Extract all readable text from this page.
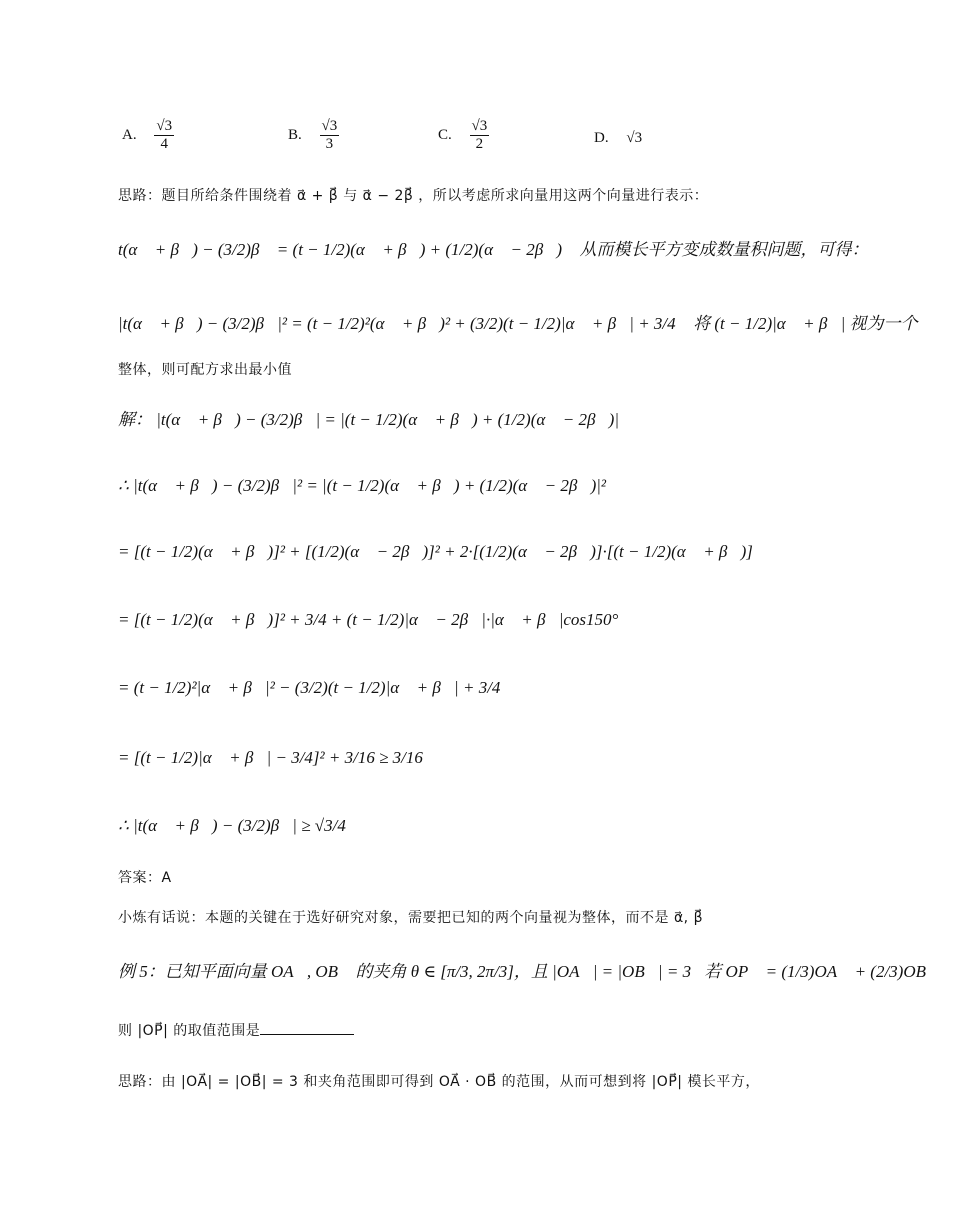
A. $\frac{√3}{4}$	B. $\frac{√3}{3}$	C. $\frac{√3}{2}$	D. √3
思路：题目所给条件围绕着 α⃗ + β⃗ 与 α⃗ − 2β⃗ ，所以考虑所求向量用这两个向量进行表示：
t(α⃗ + β⃗) − (3/2)β⃗ = (t − 1/2)(α⃗ + β⃗) + (1/2)(α⃗ − 2β⃗) ，从而模长平方变成数量积问题，可得：
|t(α⃗ + β⃗) − (3/2)β⃗|² = (t − 1/2)²(α⃗ + β⃗)² + (3/2)(t − 1/2)|α⃗ + β⃗| + 3/4 ，将 (t − 1/2)|α⃗ + β⃗| 视为一个
整体，则可配方求出最小值
解： |t(α⃗ + β⃗) − (3/2)β⃗| = |(t − 1/2)(α⃗ + β⃗) + (1/2)(α⃗ − 2β⃗)|
∴ |t(α⃗ + β⃗) − (3/2)β⃗|² = |(t − 1/2)(α⃗ + β⃗) + (1/2)(α⃗ − 2β⃗)|²
= [(t − 1/2)(α⃗ + β⃗)]² + [(1/2)(α⃗ − 2β⃗)]² + 2·[(1/2)(α⃗ − 2β⃗)]·[(t − 1/2)(α⃗ + β⃗)]
= [(t − 1/2)(α⃗ + β⃗)]² + 3/4 + (t − 1/2)|α⃗ − 2β⃗|·|α⃗ + β⃗|cos150°
= (t − 1/2)²|α⃗ + β⃗|² − (3/2)(t − 1/2)|α⃗ + β⃗| + 3/4
= [(t − 1/2)|α⃗ + β⃗| − 3/4]² + 3/16 ≥ 3/16
∴ |t(α⃗ + β⃗) − (3/2)β⃗| ≥ √3/4
答案：A
小炼有话说：本题的关键在于选好研究对象，需要把已知的两个向量视为整体，而不是 α⃗, β⃗
例 5：已知平面向量 OA⃗, OB⃗ 的夹角 θ ∈ [π/3, 2π/3]，且 |OA⃗| = |OB⃗| = 3，若 OP⃗ = (1/3)OA⃗ + (2/3)OB⃗ ，
则 |OP⃗| 的取值范围是
思路：由 |OA⃗| = |OB⃗| = 3 和夹角范围即可得到 OA⃗ · OB⃗ 的范围，从而可想到将 |OP⃗| 模长平方，
